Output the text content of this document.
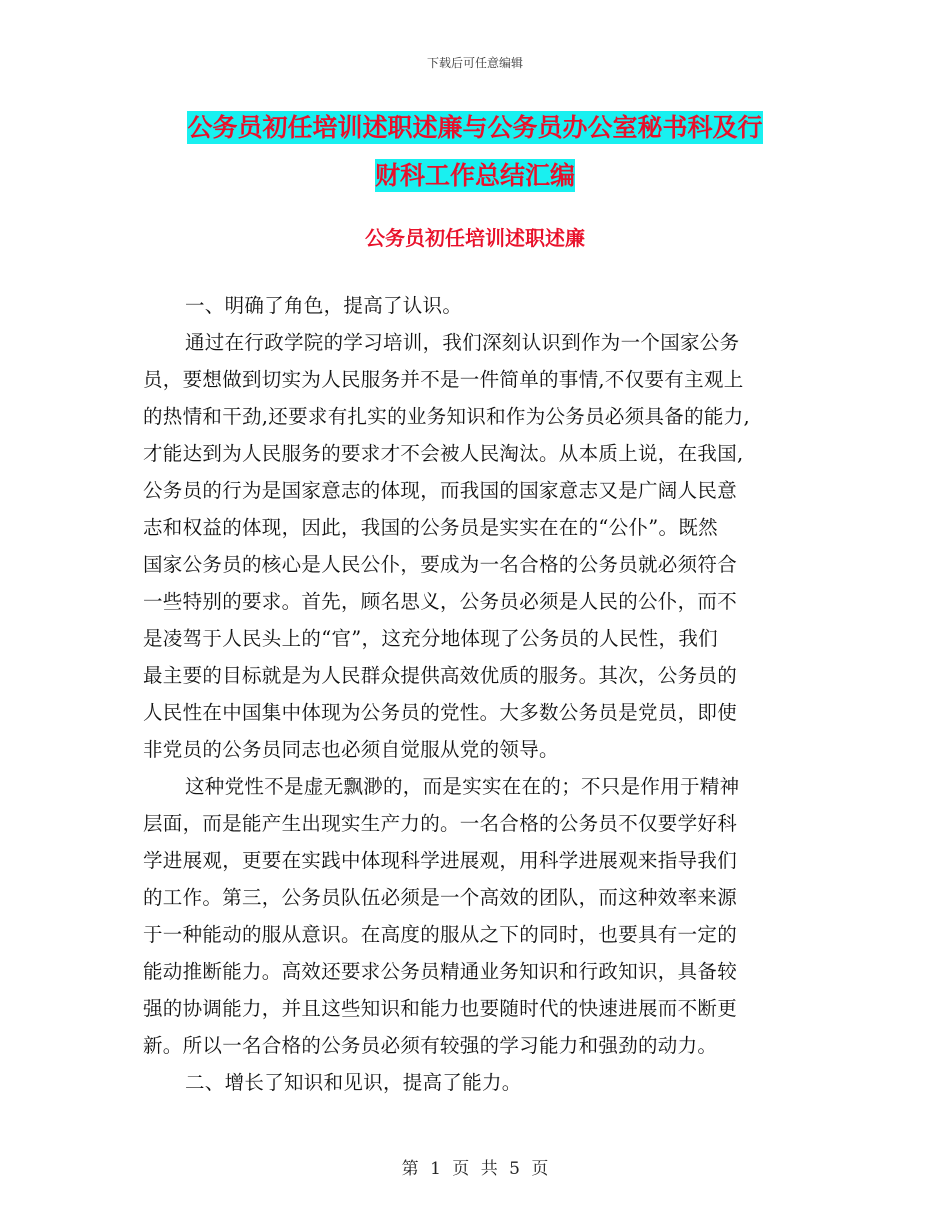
下载后可任意编辑
公务员初任培训述职述廉与公务员办公室秘书科及行
财科工作总结汇编
公务员初任培训述职述廉
一、明确了角色，提高了认识。
通过在行政学院的学习培训，我们深刻认识到作为一个国家公务
员，要想做到切实为人民服务并不是一件简单的事情,不仅要有主观上
的热情和干劲,还要求有扎实的业务知识和作为公务员必须具备的能力,
才能达到为人民服务的要求才不会被人民淘汰。从本质上说，在我国,
公务员的行为是国家意志的体现，而我国的国家意志又是广阔人民意
志和权益的体现，因此，我国的公务员是实实在在的“公仆”。既然
国家公务员的核心是人民公仆，要成为一名合格的公务员就必须符合
一些特别的要求。首先，顾名思义，公务员必须是人民的公仆，而不
是凌驾于人民头上的“官”，这充分地体现了公务员的人民性，我们
最主要的目标就是为人民群众提供高效优质的服务。其次，公务员的
人民性在中国集中体现为公务员的党性。大多数公务员是党员，即使
非党员的公务员同志也必须自觉服从党的领导。
这种党性不是虚无飘渺的，而是实实在在的；不只是作用于精神
层面，而是能产生出现实生产力的。一名合格的公务员不仅要学好科
学进展观，更要在实践中体现科学进展观，用科学进展观来指导我们
的工作。第三，公务员队伍必须是一个高效的团队，而这种效率来源
于一种能动的服从意识。在高度的服从之下的同时，也要具有一定的
能动推断能力。高效还要求公务员精通业务知识和行政知识，具备较
强的协调能力，并且这些知识和能力也要随时代的快速进展而不断更
新。所以一名合格的公务员必须有较强的学习能力和强劲的动力。
二、增长了知识和见识，提高了能力。
第 1 页 共 5 页
